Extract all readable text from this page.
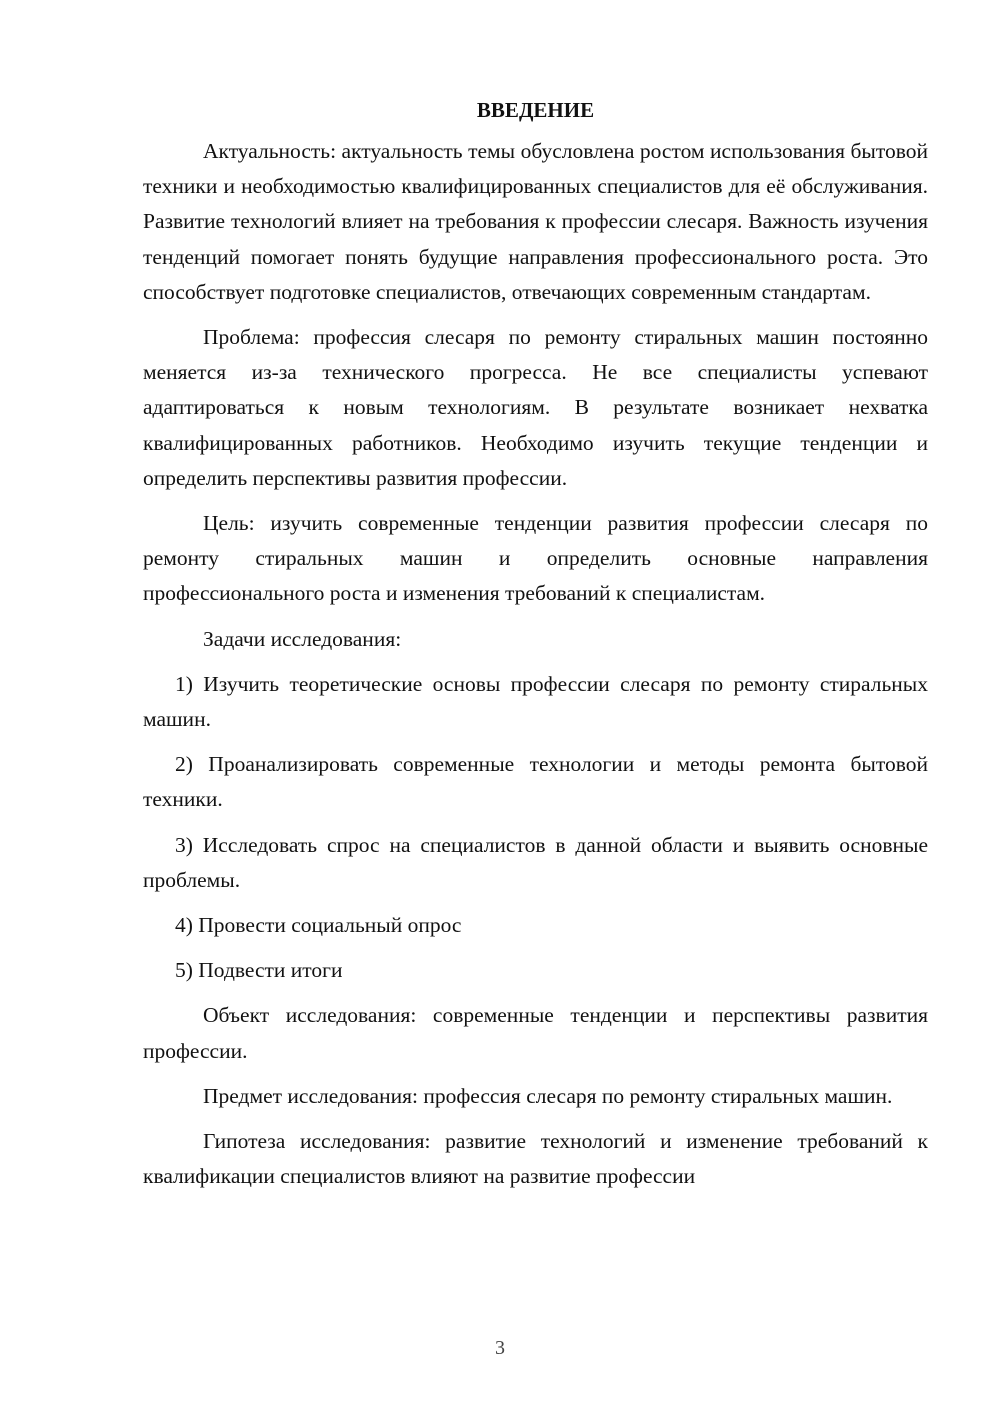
ВВЕДЕНИЕ

Актуальность: актуальность темы обусловлена ростом использования бытовой техники и необходимостью квалифицированных специалистов для её обслуживания. Развитие технологий влияет на требования к профессии слесаря. Важность изучения тенденций помогает понять будущие направления профессионального роста. Это способствует подготовке специалистов, отвечающих современным стандартам.

Проблема: профессия слесаря по ремонту стиральных машин постоянно меняется из-за технического прогресса. Не все специалисты успевают адаптироваться к новым технологиям. В результате возникает нехватка квалифицированных работников. Необходимо изучить текущие тенденции и определить перспективы развития профессии.

Цель: изучить современные тенденции развития профессии слесаря по ремонту стиральных машин и определить основные направления профессионального роста и изменения требований к специалистам.

Задачи исследования:

1) Изучить теоретические основы профессии слесаря по ремонту стиральных машин.

2) Проанализировать современные технологии и методы ремонта бытовой техники.

3) Исследовать спрос на специалистов в данной области и выявить основные проблемы.

4) Провести социальный опрос

5) Подвести итоги

Объект исследования: современные тенденции и перспективы развития профессии.

Предмет исследования: профессия слесаря по ремонту стиральных машин.

Гипотеза исследования: развитие технологий и изменение требований к квалификации специалистов влияют на развитие профессии

3
